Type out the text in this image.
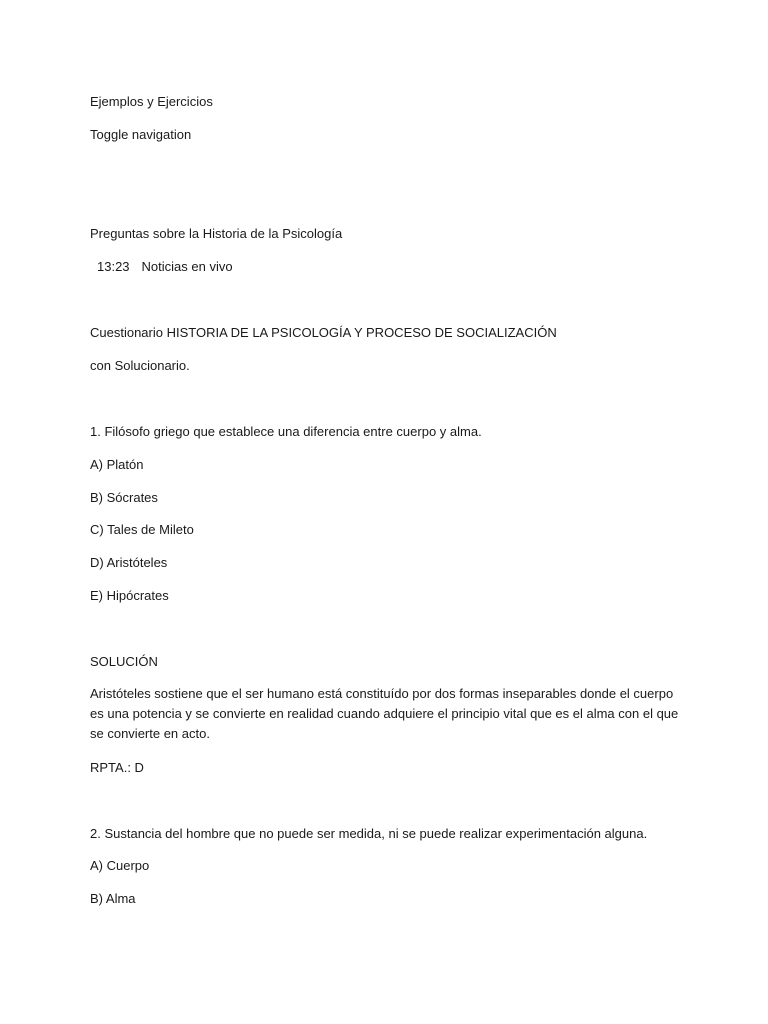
Ejemplos y Ejercicios
Toggle navigation
Preguntas sobre la Historia de la Psicología
13:23 Noticias en vivo
Cuestionario HISTORIA DE LA PSICOLOGÍA Y PROCESO DE SOCIALIZACIÓN
con Solucionario.
1. Filósofo griego que establece una diferencia entre cuerpo y alma.
A) Platón
B) Sócrates
C) Tales de Mileto
D) Aristóteles
E) Hipócrates
SOLUCIÓN
Aristóteles sostiene que el ser humano está constituído por dos formas inseparables donde el cuerpo es una potencia y se convierte en realidad cuando adquiere el principio vital que es el alma con el que se convierte en acto.
RPTA.: D
2. Sustancia del hombre que no puede ser medida, ni se puede realizar experimentación alguna.
A) Cuerpo
B) Alma
